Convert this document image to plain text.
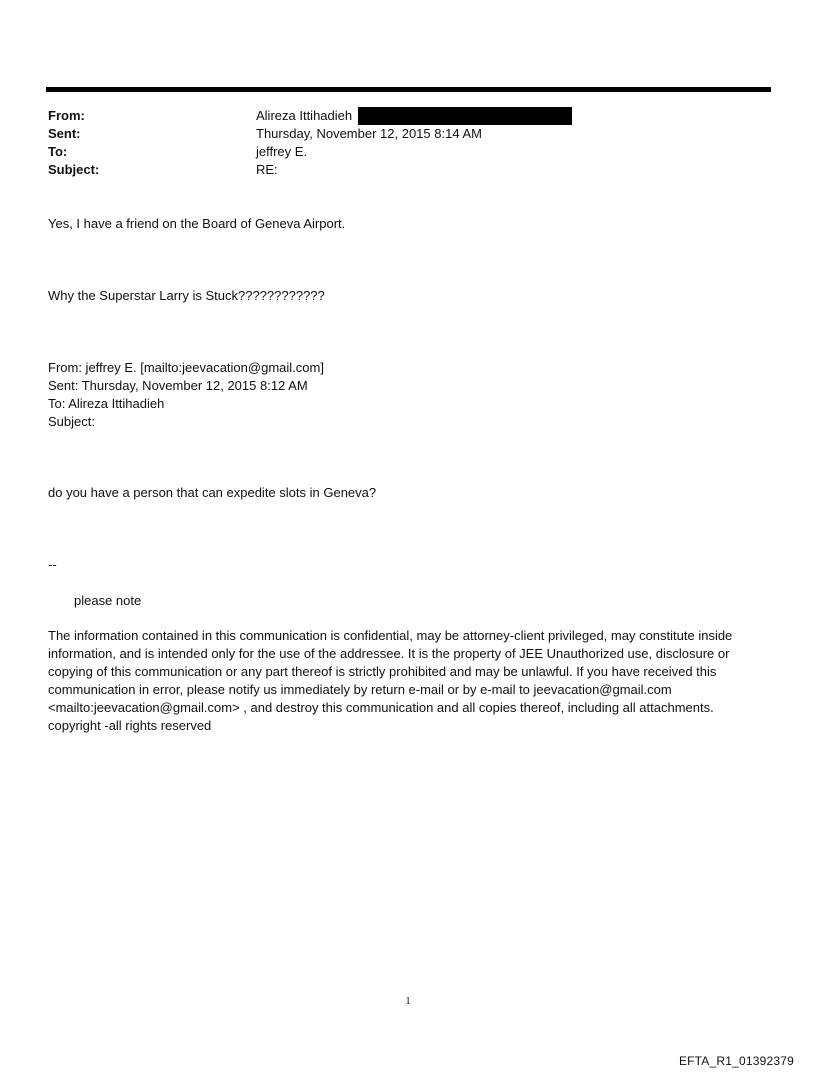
From:	Alireza Ittihadieh
Sent:	Thursday, November 12, 2015 8:14 AM
To:	jeffrey E.
Subject:	RE:
Yes, I have a friend on the Board of Geneva Airport.
Why the Superstar Larry is Stuck????????????
From: jeffrey E. [mailto:jeevacation@gmail.com]
Sent: Thursday, November 12, 2015 8:12 AM
To: Alireza Ittihadieh
Subject:
do you have a person that can expedite slots in Geneva?
--
please note

The information contained in this communication is confidential, may be attorney-client privileged, may constitute inside information, and is intended only for the use of the addressee. It is the property of JEE Unauthorized use, disclosure or copying of this communication or any part thereof is strictly prohibited and may be unlawful. If you have received this communication in error, please notify us immediately by return e-mail or by e-mail to jeevacation@gmail.com <mailto:jeevacation@gmail.com> , and destroy this communication and all copies thereof, including all attachments. copyright -all rights reserved

1
EFTA_R1_01392379
